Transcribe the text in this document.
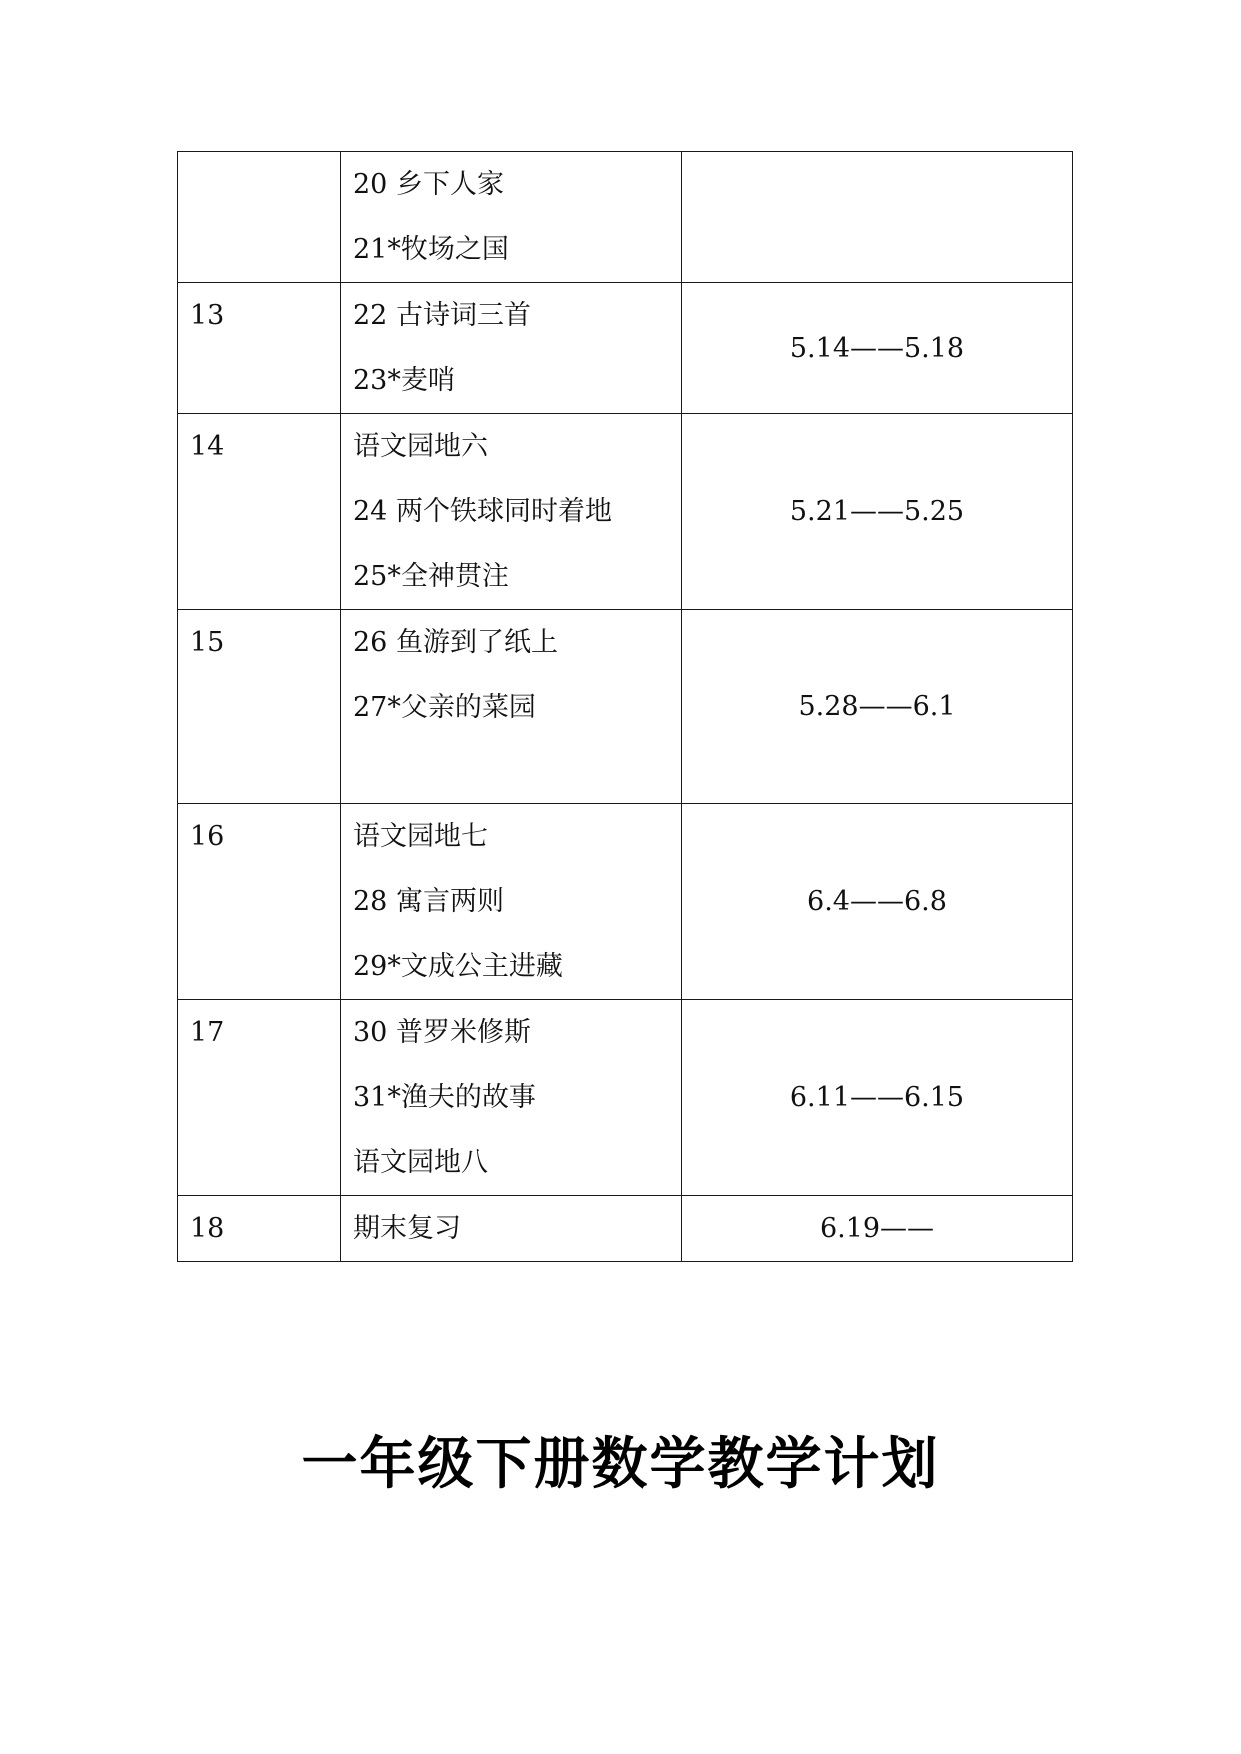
	20 乡下人家
21*牧场之国	

13	22 古诗词三首
23*麦哨	5.14——5.18
14	语文园地六
24 两个铁球同时着地
25*全神贯注	5.21——5.25
15	26 鱼游到了纸上
27*父亲的菜园	5.28——6.1
16	语文园地七
28 寓言两则
29*文成公主进藏	6.4——6.8
17	30 普罗米修斯
31*渔夫的故事
语文园地八	6.11——6.15
18	期末复习	6.19——
一年级下册数学教学计划
